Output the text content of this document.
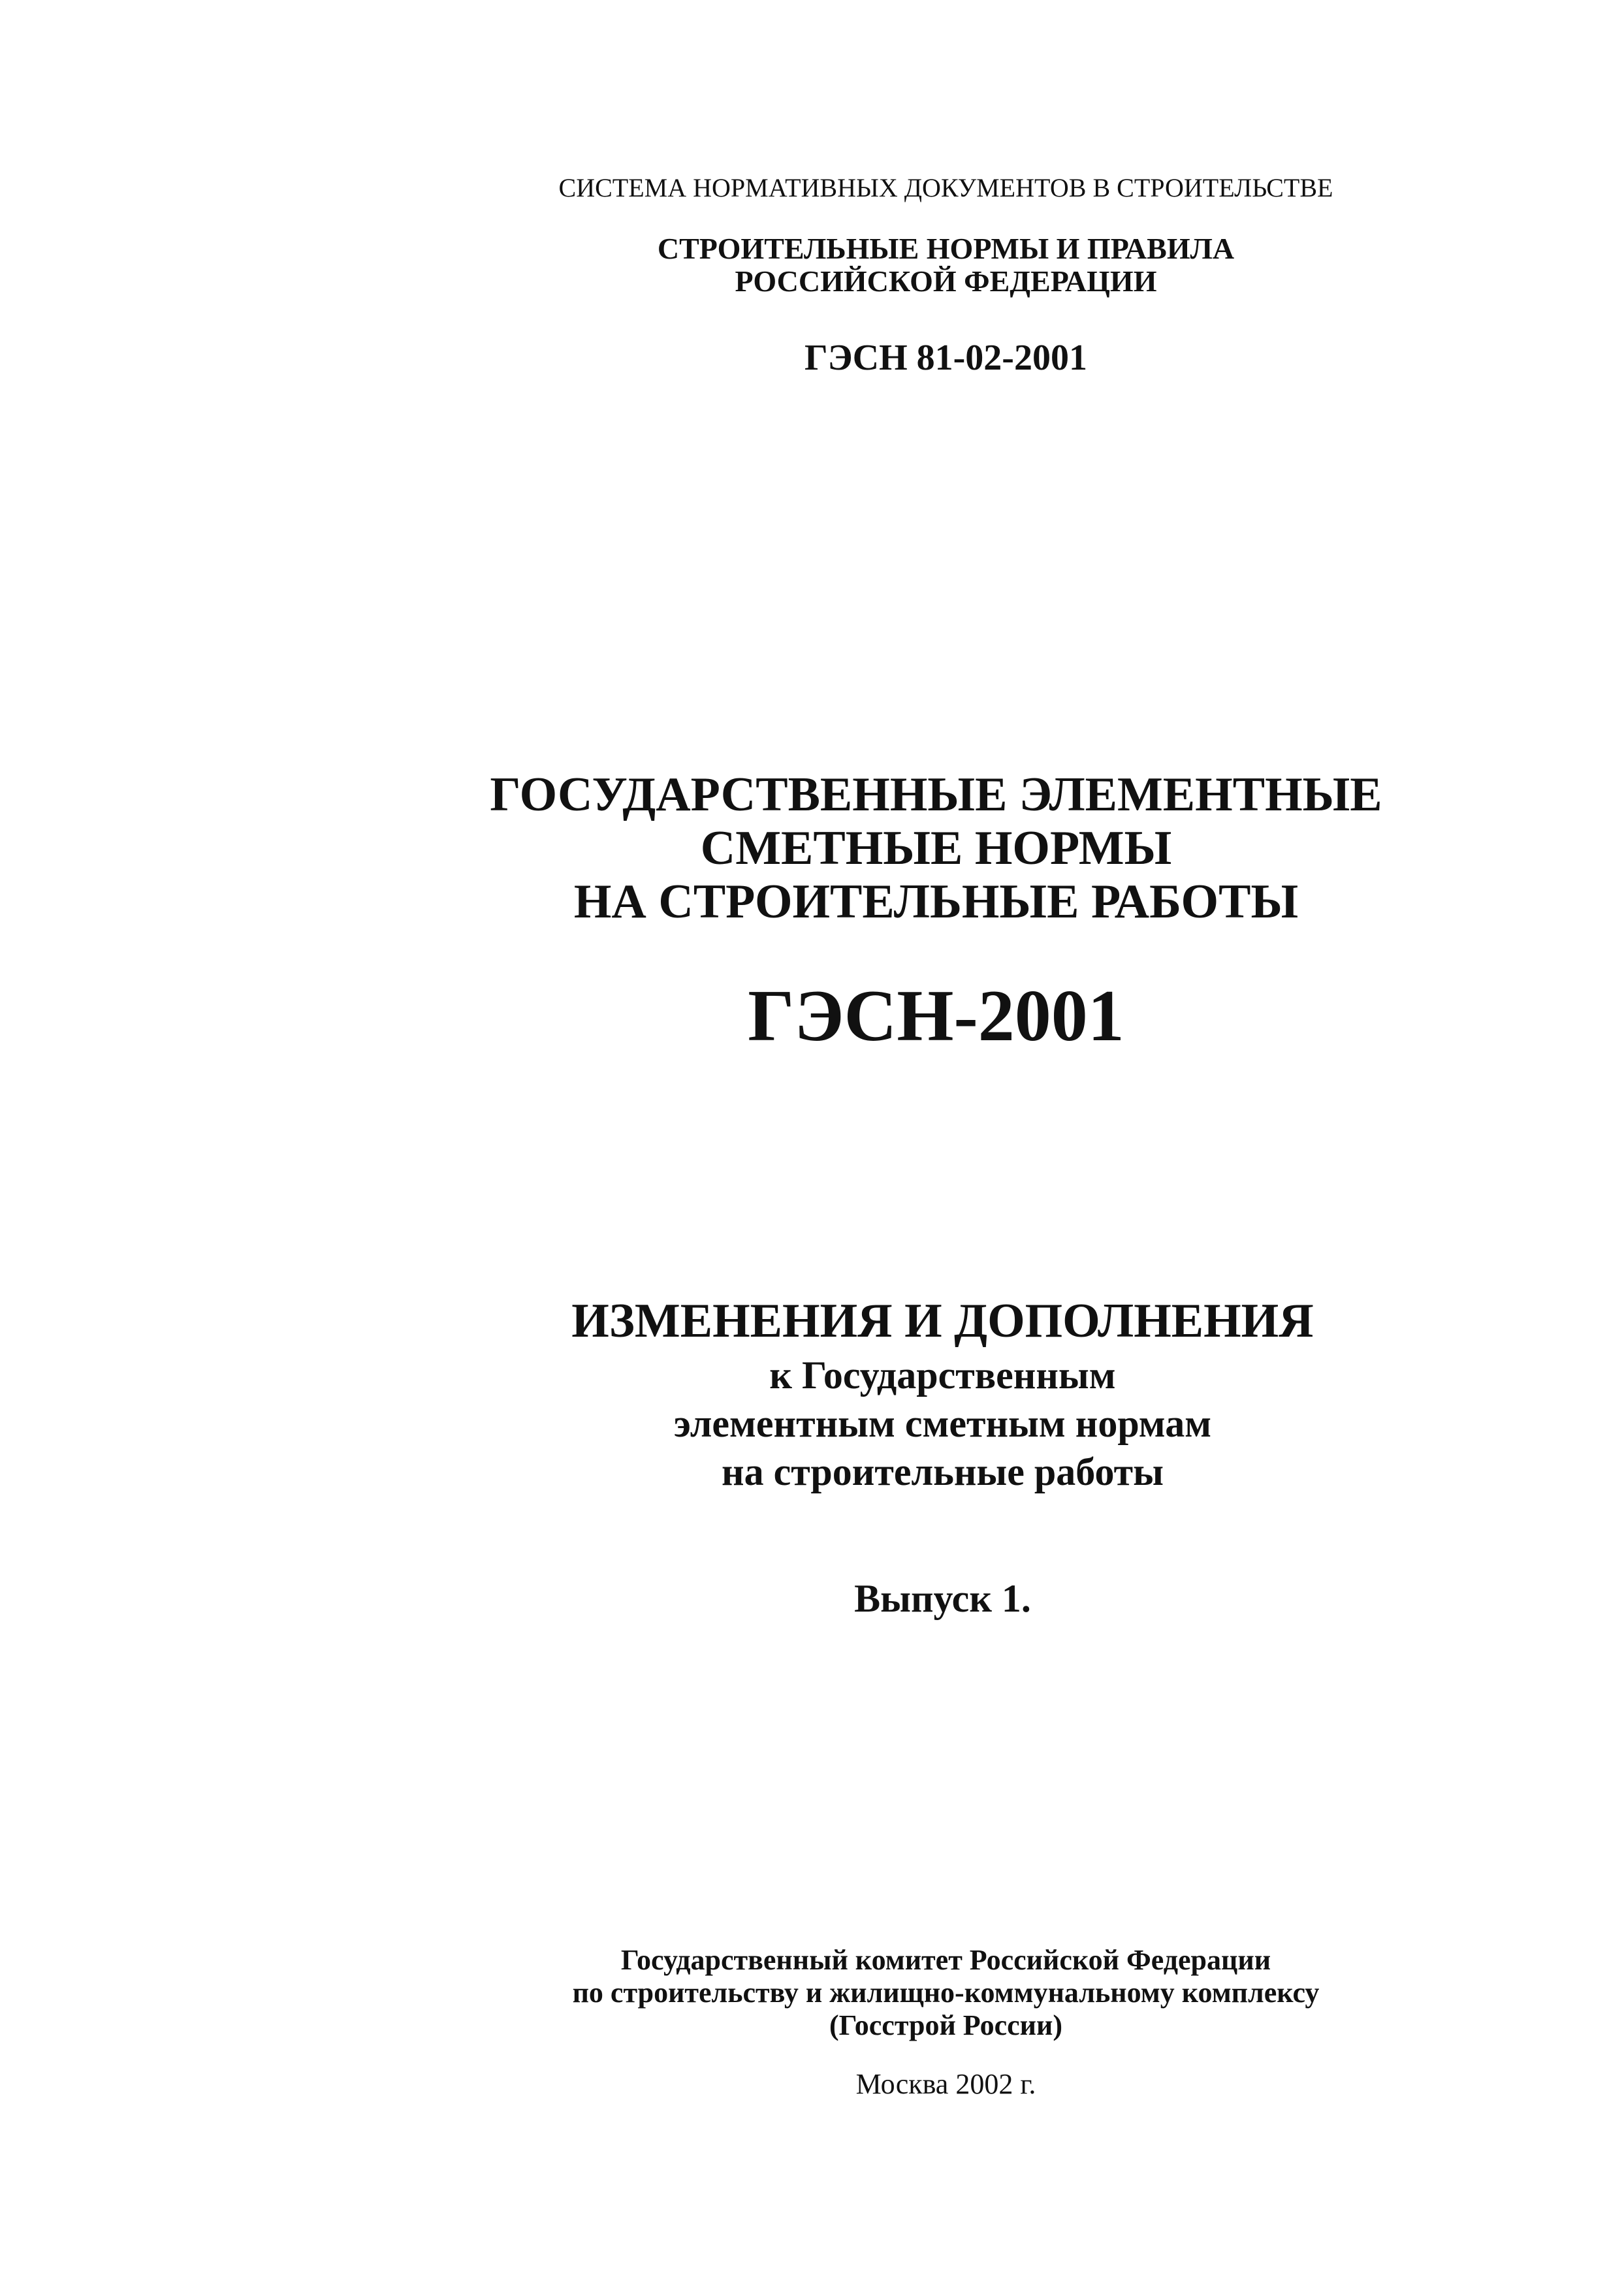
СИСТЕМА НОРМАТИВНЫХ ДОКУМЕНТОВ В СТРОИТЕЛЬСТВЕ
СТРОИТЕЛЬНЫЕ НОРМЫ И ПРАВИЛА
РОССИЙСКОЙ ФЕДЕРАЦИИ
ГЭСН 81-02-2001
ГОСУДАРСТВЕННЫЕ ЭЛЕМЕНТНЫЕ
СМЕТНЫЕ НОРМЫ
НА СТРОИТЕЛЬНЫЕ РАБОТЫ
ГЭСН-2001
ИЗМЕНЕНИЯ И ДОПОЛНЕНИЯ
к Государственным
элементным сметным нормам
на строительные работы
Выпуск 1.
Государственный комитет Российской Федерации
по строительству и жилищно-коммунальному комплексу
(Госстрой России)
Москва 2002 г.
